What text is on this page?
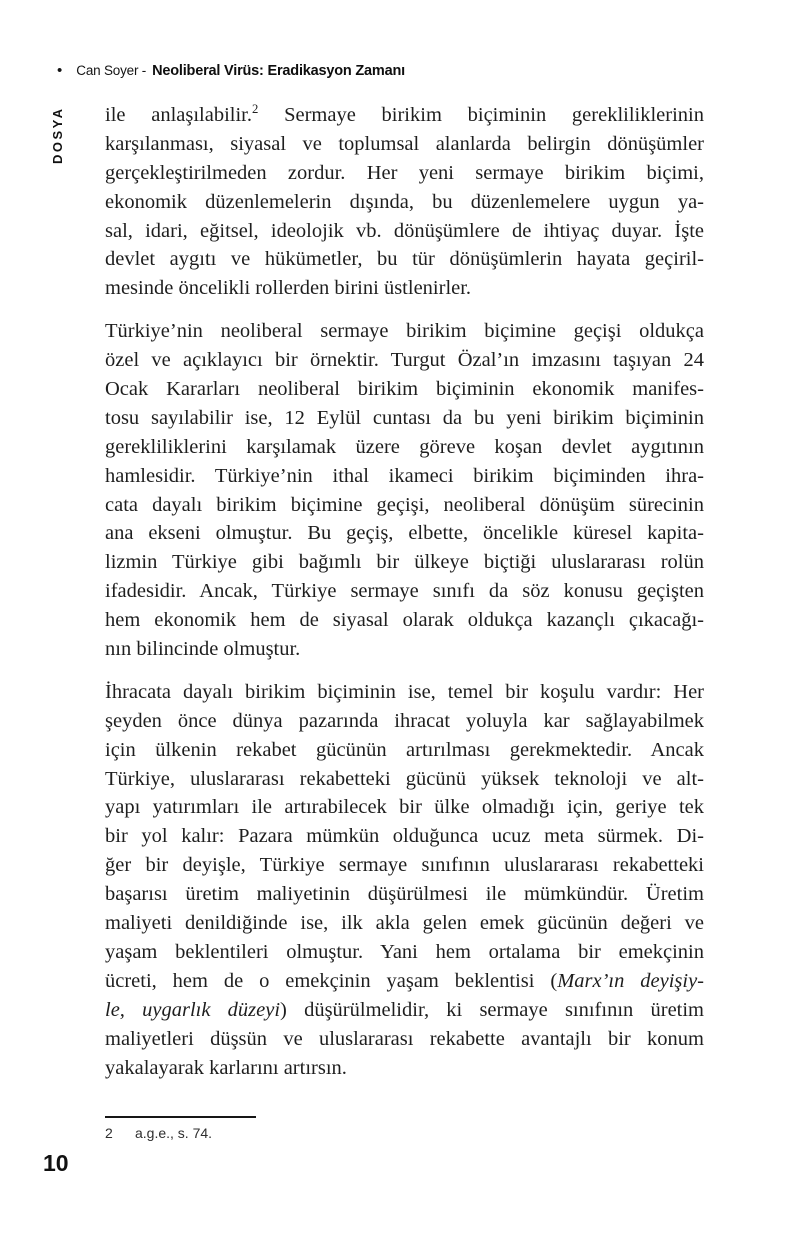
• Can Soyer - Neoliberal Virüs: Eradikasyon Zamanı
DOSYA	ile anlaşılabilir.$^2$ Sermaye birikim biçiminin gerekliliklerinin
karşılanması, siyasal ve toplumsal alanlarda belirgin dönüşümler
gerçekleştirilmeden zordur. Her yeni sermaye birikim biçimi,
ekonomik düzenlemelerin dışında, bu düzenlemelere uygun ya-
sal, idari, eğitsel, ideolojik vb. dönüşümlere de ihtiyaç duyar. İşte
devlet aygıtı ve hükümetler, bu tür dönüşümlerin hayata geçiril-
mesinde öncelikli rollerden birini üstlenirler.
Türkiye’nin neoliberal sermaye birikim biçimine geçişi oldukça
özel ve açıklayıcı bir örnektir. Turgut Özal’ın imzasını taşıyan 24
Ocak Kararları neoliberal birikim biçiminin ekonomik manifes-
tosu sayılabilir ise, 12 Eylül cuntası da bu yeni birikim biçiminin
gerekliliklerini karşılamak üzere göreve koşan devlet aygıtının
hamlesidir. Türkiye’nin ithal ikameci birikim biçiminden ihra-
cata dayalı birikim biçimine geçişi, neoliberal dönüşüm sürecinin
ana ekseni olmuştur. Bu geçiş, elbette, öncelikle küresel kapita-
lizmin Türkiye gibi bağımlı bir ülkeye biçtiği uluslararası rolün
ifadesidir. Ancak, Türkiye sermaye sınıfı da söz konusu geçişten
hem ekonomik hem de siyasal olarak oldukça kazançlı çıkacağı-
nın bilincinde olmuştur.
İhracata dayalı birikim biçiminin ise, temel bir koşulu vardır: Her
şeyden önce dünya pazarında ihracat yoluyla kar sağlayabilmek
için ülkenin rekabet gücünün artırılması gerekmektedir. Ancak
Türkiye, uluslararası rekabetteki gücünü yüksek teknoloji ve alt-
yapı yatırımları ile artırabilecek bir ülke olmadığı için, geriye tek
bir yol kalır: Pazara mümkün olduğunca ucuz meta sürmek. Di-
ğer bir deyişle, Türkiye sermaye sınıfının uluslararası rekabetteki
başarısı üretim maliyetinin düşürülmesi ile mümkündür. Üretim
maliyeti denildiğinde ise, ilk akla gelen emek gücünün değeri ve
yaşam beklentileri olmuştur. Yani hem ortalama bir emekçinin
ücreti, hem de o emekçinin yaşam beklentisi (Marx’ın deyişiy-
le, uygarlık düzeyi) düşürülmelidir, ki sermaye sınıfının üretim
maliyetleri düşsün ve uluslararası rekabette avantajlı bir konum
yakalayarak karlarını artırsın.
2	a.g.e., s. 74.
10
